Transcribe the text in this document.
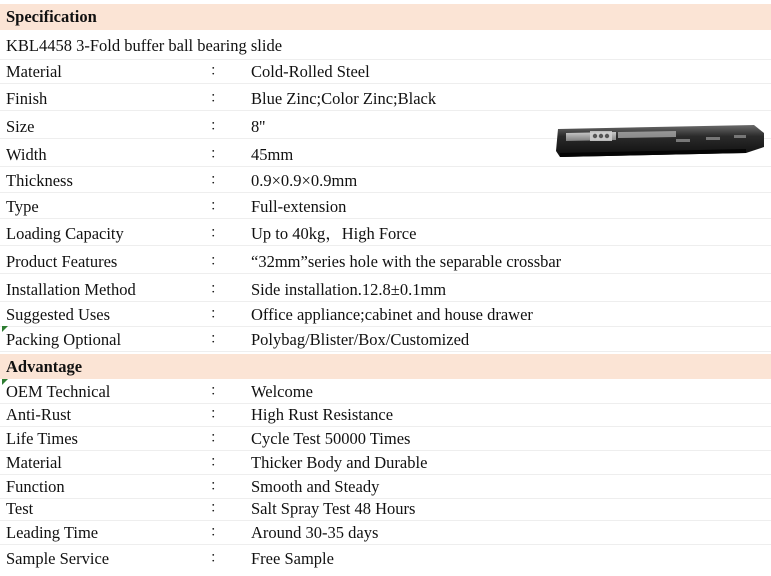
Specification
KBL4458 3-Fold buffer ball bearing slide
Material	： Cold-Rolled Steel
Finish	： Blue Zinc;Color Zinc;Black
Size	： 8''
Width	： 45mm
Thickness	： 0.9×0.9×0.9mm
Type	： Full-extension
Loading Capacity	： Up to 40kg，High Force
Product Features	： “32mm”series hole with the separable crossbar
Installation Method	： Side installation.12.8±0.1mm
Suggested Uses	： Office appliance;cabinet and house drawer
Packing Optional	： Polybag/Blister/Box/Customized
Advantage
OEM Technical	： Welcome
Anti-Rust	： High Rust Resistance
Life Times	： Cycle Test 50000 Times
Material	： Thicker Body and Durable
Function	： Smooth and Steady
Test	： Salt Spray Test 48 Hours
Leading Time	： Around 30-35 days
Sample Service	： Free Sample
